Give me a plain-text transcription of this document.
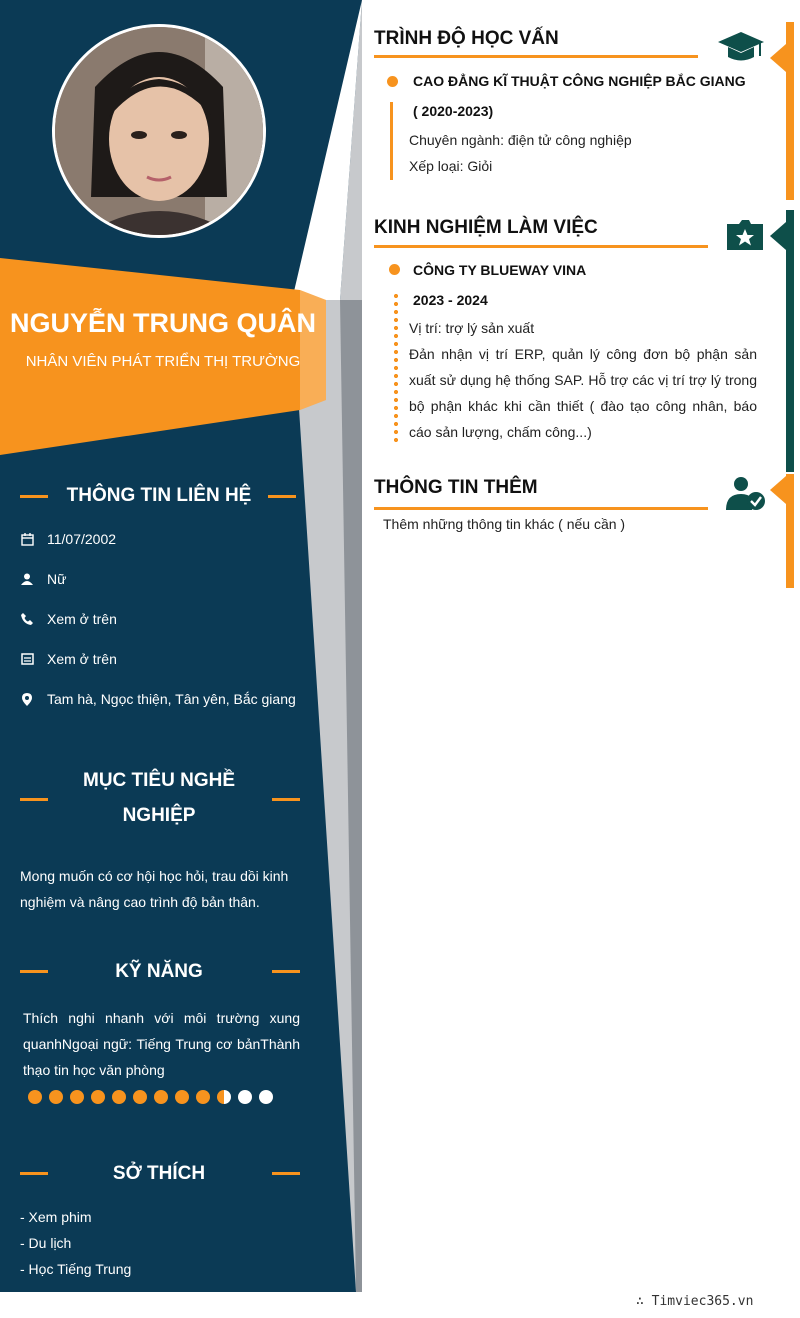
NGUYỄN TRUNG QUÂN
NHÂN VIÊN PHÁT TRIỂN THỊ TRƯỜNG
THÔNG TIN LIÊN HỆ
11/07/2002
Nữ
Xem ở trên
Xem ở trên
Tam hà, Ngọc thiện, Tân yên, Bắc giang
MỤC TIÊU NGHỀ
NGHIỆP
Mong muốn có cơ hội học hỏi, trau dồi kinh nghiệm và nâng cao trình độ bản thân.
KỸ NĂNG
Thích nghi nhanh với môi trường xung quanhNgoại ngữ: Tiếng Trung cơ bảnThành thạo tin học văn phòng
SỞ THÍCH
- Xem phim
- Du lịch
- Học Tiếng Trung
TRÌNH ĐỘ HỌC VẤN
CAO ĐẲNG KĨ THUẬT CÔNG NGHIỆP BẮC GIANG
( 2020-2023)
Chuyên ngành: điện tử công nghiệp
Xếp loại: Giỏi
KINH NGHIỆM LÀM VIỆC
CÔNG TY BLUEWAY VINA
2023 - 2024
Vị trí: trợ lý sản xuất
Đản nhận vị trí ERP, quản lý công đơn bộ phận sản xuất sử dụng hệ thống SAP. Hỗ trợ các vị trí trợ lý trong bộ phận khác khi cần thiết ( đào tạo công nhân, báo cáo sản lượng, chấm công...)
THÔNG TIN THÊM
Thêm những thông tin khác ( nếu cần )
∴ Timviec365.vn
